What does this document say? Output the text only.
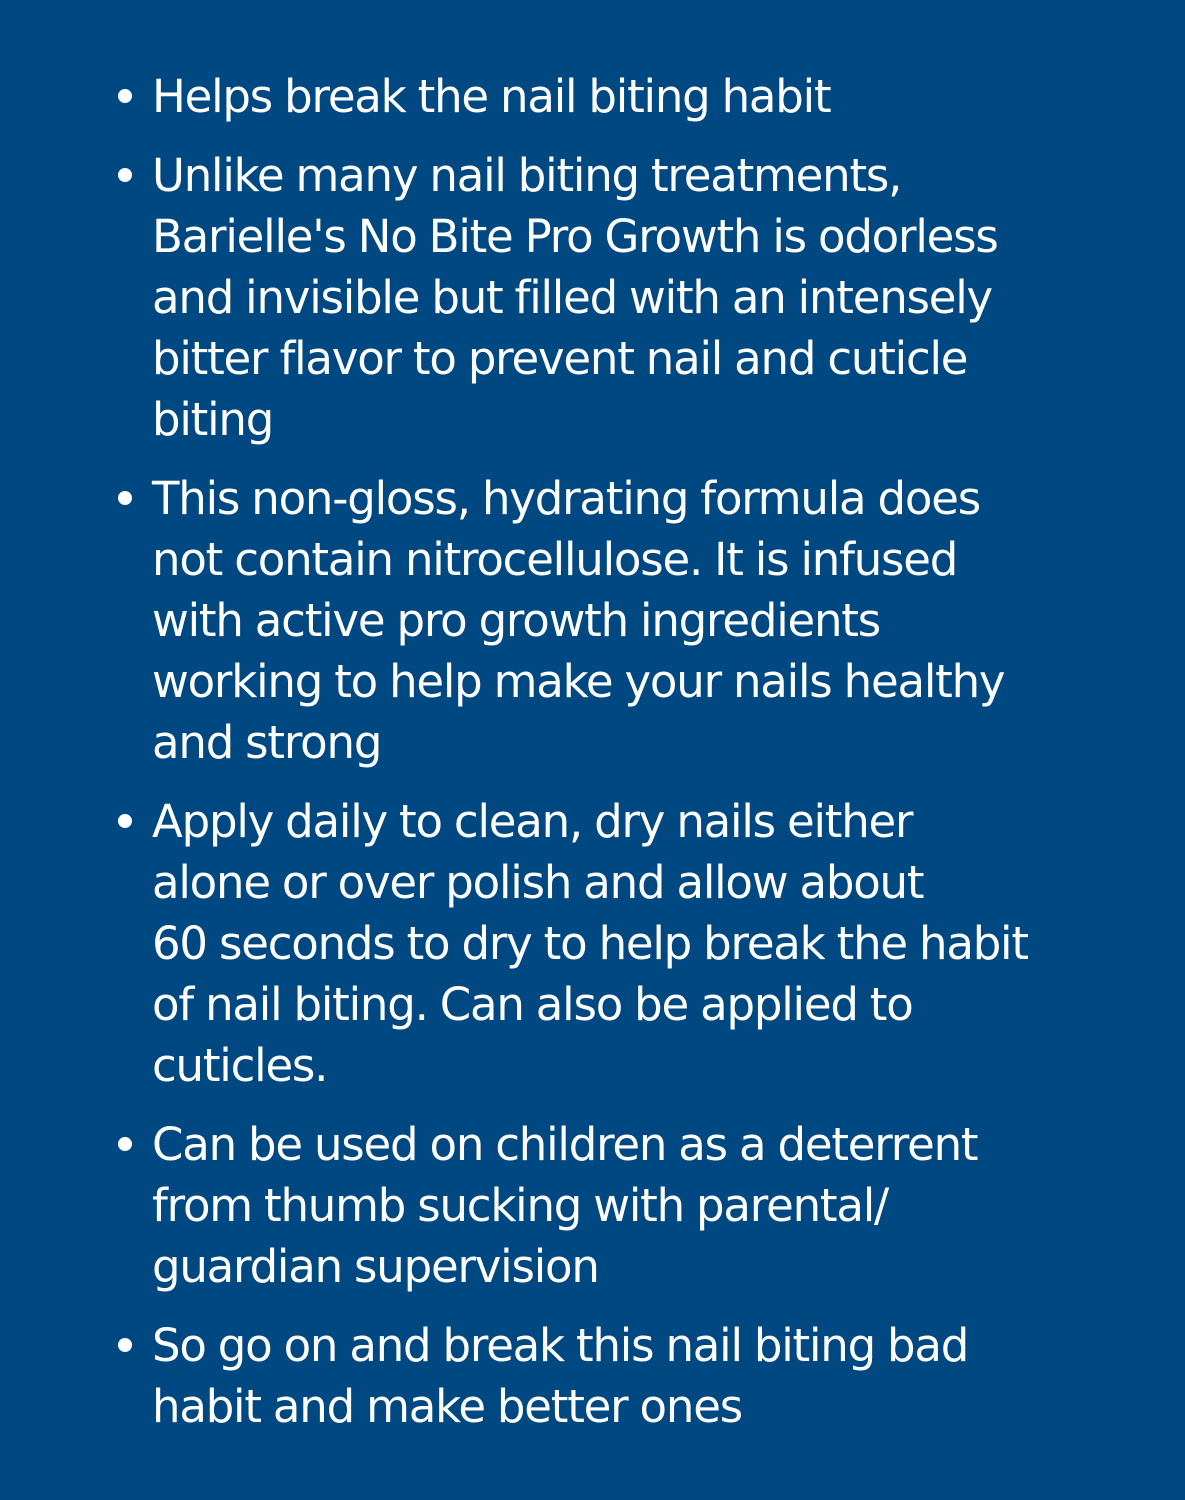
Helps break the nail biting habit
Unlike many nail biting treatments,
Barielle's No Bite Pro Growth is odorless
and invisible but filled with an intensely
bitter flavor to prevent nail and cuticle
biting
This non-gloss, hydrating formula does
not contain nitrocellulose. It is infused
with active pro growth ingredients
working to help make your nails healthy
and strong
Apply daily to clean, dry nails either
alone or over polish and allow about
60 seconds to dry to help break the habit
of nail biting. Can also be applied to
cuticles.
Can be used on children as a deterrent
from thumb sucking with parental/
guardian supervision
So go on and break this nail biting bad
habit and make better ones
